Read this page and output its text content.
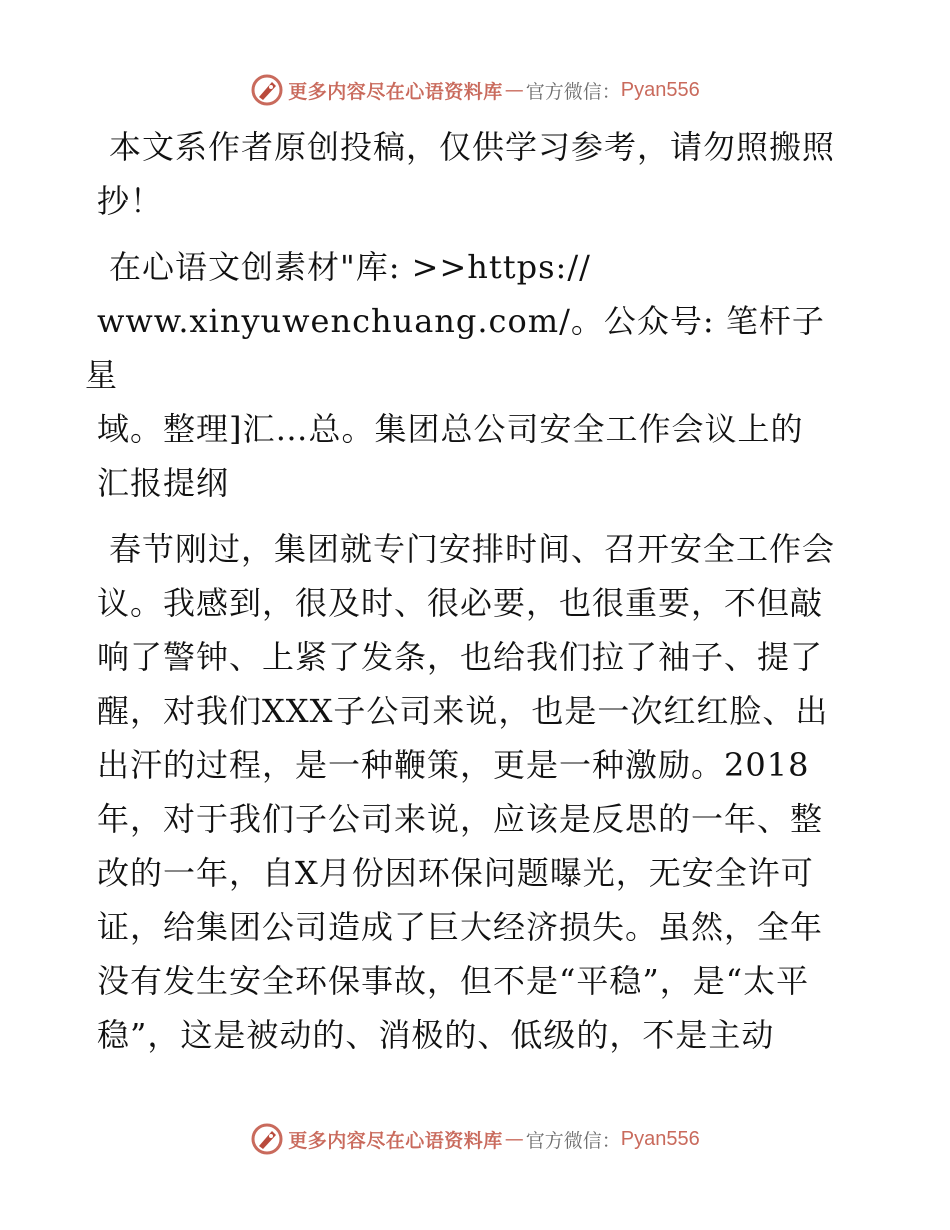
更多内容尽在心语资料库 — 官方微信： Pyan556

本文系作者原创投稿，仅供学习参考，请勿照搬照抄！

在心语文创素材"库: >>https://
www.xinyuwenchuang.com/。公众号: 笔杆子星
域。整理]汇…总。集团总公司安全工作会议上的
汇报提纲

春节刚过，集团就专门安排时间、召开安全工作会议。我感到，很及时、很必要，也很重要，不但敲响了警钟、上紧了发条，也给我们拉了袖子、提了醒，对我们XXX子公司来说，也是一次红红脸、出出汗的过程，是一种鞭策，更是一种激励。2018年，对于我们子公司来说，应该是反思的一年、整改的一年，自X月份因环保问题曝光，无安全许可证，给集团公司造成了巨大经济损失。虽然，全年没有发生安全环保事故，但不是“平稳”，是“太平稳”，这是被动的、消极的、低级的，不是主动

更多内容尽在心语资料库 — 官方微信： Pyan556
